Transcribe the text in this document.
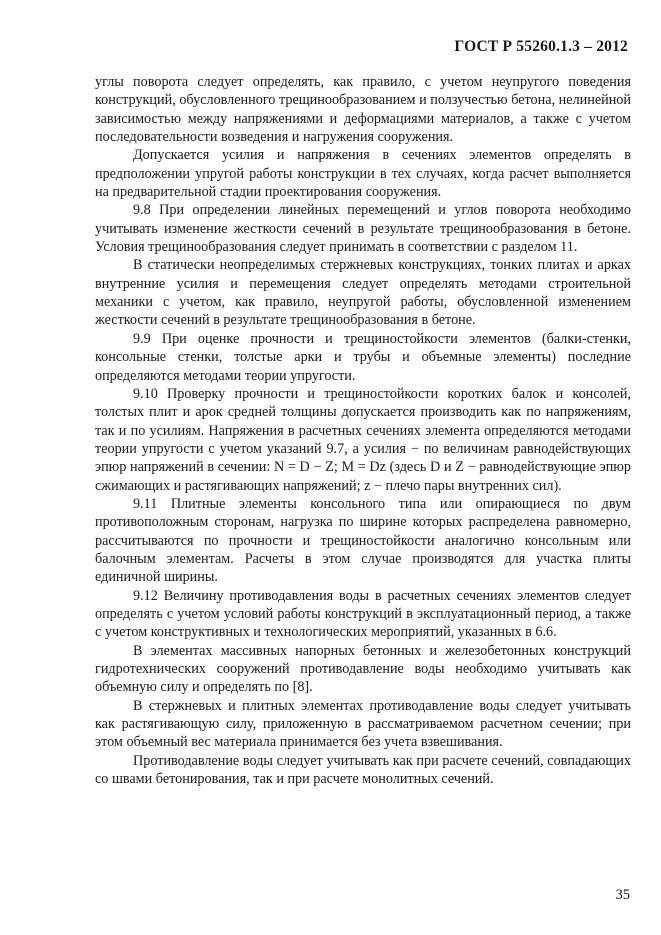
ГОСТ Р 55260.1.3 – 2012

углы поворота следует определять, как правило, с учетом неупругого поведения конструкций, обусловленного трещинообразованием и ползучестью бетона, нелинейной зависимостью между напряжениями и деформациями материалов, а также с учетом последовательности возведения и нагружения сооружения.

Допускается усилия и напряжения в сечениях элементов определять в предположении упругой работы конструкции в тех случаях, когда расчет выполняется на предварительной стадии проектирования сооружения.

9.8 При определении линейных перемещений и углов поворота необходимо учитывать изменение жесткости сечений в результате трещинообразования в бетоне. Условия трещинообразования следует принимать в соответствии с разделом 11.

В статически неопределимых стержневых конструкциях, тонких плитах и арках внутренние усилия и перемещения следует определять методами строительной механики с учетом, как правило, неупругой работы, обусловленной изменением жесткости сечений в результате трещинообразования в бетоне.

9.9 При оценке прочности и трещиностойкости элементов (балки-стенки, консольные стенки, толстые арки и трубы и объемные элементы) последние определяются методами теории упругости.

9.10 Проверку прочности и трещиностойкости коротких балок и консолей, толстых плит и арок средней толщины допускается производить как по напряжениям, так и по усилиям. Напряжения в расчетных сечениях элемента определяются методами теории упругости с учетом указаний 9.7, а усилия − по величинам равнодействующих эпюр напряжений в сечении: N = D − Z; M = Dz (здесь D и Z − равнодействующие эпюр сжимающих и растягивающих напряжений; z − плечо пары внутренних сил).

9.11 Плитные элементы консольного типа или опирающиеся по двум противоположным сторонам, нагрузка по ширине которых распределена равномерно, рассчитываются по прочности и трещиностойкости аналогично консольным или балочным элементам. Расчеты в этом случае производятся для участка плиты единичной ширины.

9.12 Величину противодавления воды в расчетных сечениях элементов следует определять с учетом условий работы конструкций в эксплуатационный период, а также с учетом конструктивных и технологических мероприятий, указанных в 6.6.

В элементах массивных напорных бетонных и железобетонных конструкций гидротехнических сооружений противодавление воды необходимо учитывать как объемную силу и определять по [8].

В стержневых и плитных элементах противодавление воды следует учитывать как растягивающую силу, приложенную в рассматриваемом расчетном сечении; при этом объемный вес материала принимается без учета взвешивания.

Противодавление воды следует учитывать как при расчете сечений, совпадающих со швами бетонирования, так и при расчете монолитных сечений.

35
